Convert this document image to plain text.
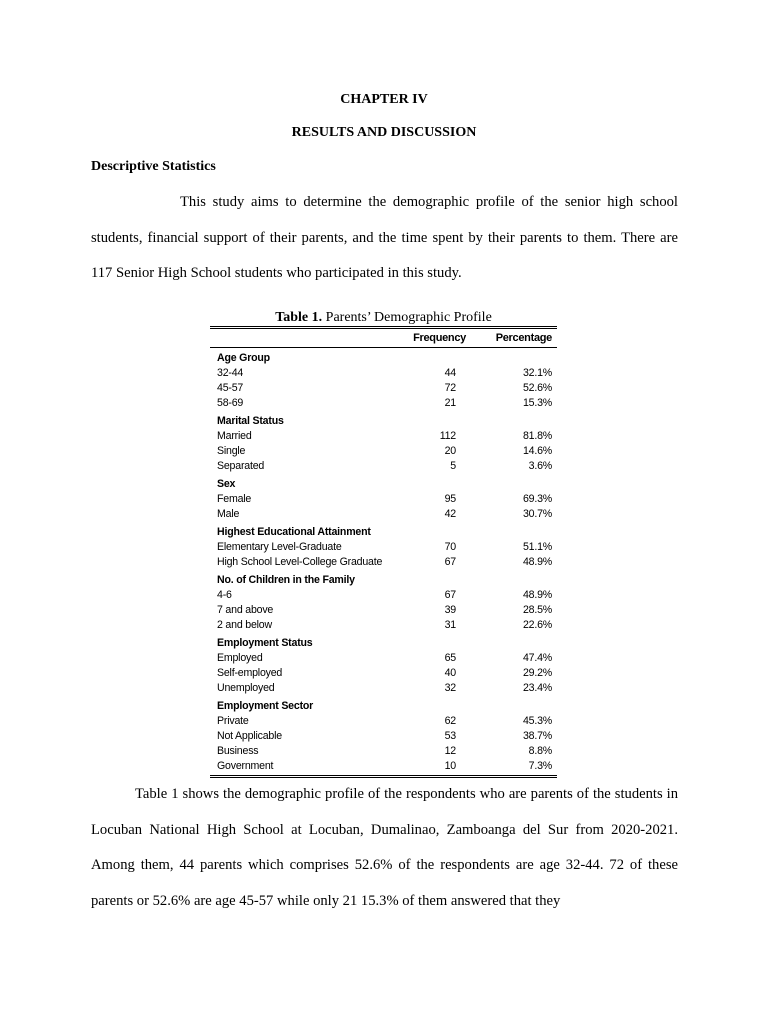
CHAPTER IV
RESULTS AND DISCUSSION
Descriptive Statistics
This study aims to determine the demographic profile of the senior high school students, financial support of their parents, and the time spent by their parents to them. There are 117 Senior High School students who participated in this study.
Table 1. Parents’ Demographic Profile
Frequency	Percentage
Age Group
32-44	44	32.1%
45-57	72	52.6%
58-69	21	15.3%
Marital Status
Married	112	81.8%
Single	20	14.6%
Separated	5	3.6%
Sex
Female	95	69.3%
Male	42	30.7%
Highest Educational Attainment
Elementary Level-Graduate	70	51.1%
High School Level-College Graduate	67	48.9%
No. of Children in the Family
4-6	67	48.9%
7 and above	39	28.5%
2 and below	31	22.6%
Employment Status
Employed	65	47.4%
Self-employed	40	29.2%
Unemployed	32	23.4%
Employment Sector
Private	62	45.3%
Not Applicable	53	38.7%
Business	12	8.8%
Government	10	7.3%
Table 1 shows the demographic profile of the respondents who are parents of the students in Locuban National High School at Locuban, Dumalinao, Zamboanga del Sur from 2020-2021. Among them, 44 parents which comprises 52.6% of the respondents are age 32-44. 72 of these parents or 52.6% are age 45-57 while only 21 15.3% of them answered that they
